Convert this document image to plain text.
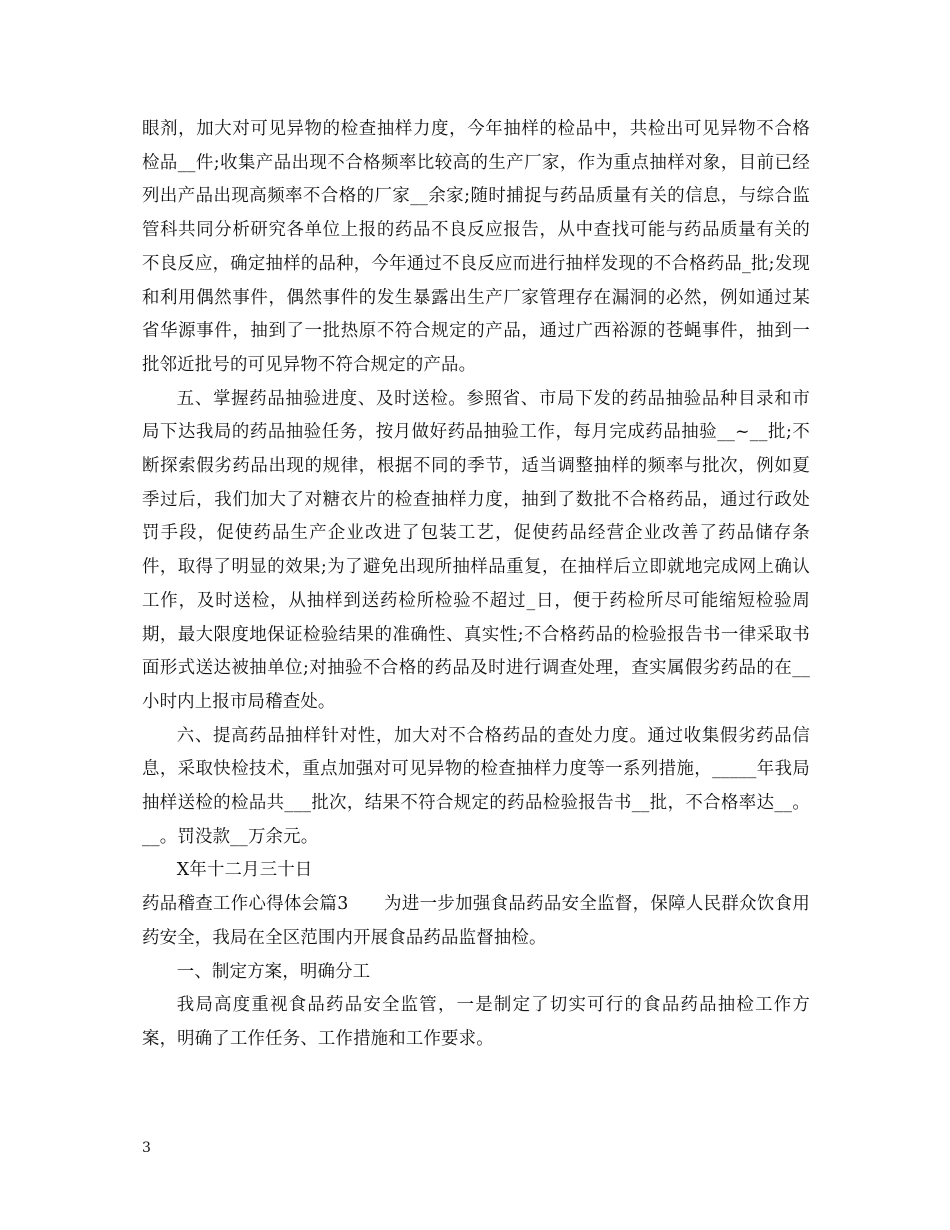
眼剂，加大对可见异物的检查抽样力度，今年抽样的检品中，共检出可见异物不合格检品__件;收集产品出现不合格频率比较高的生产厂家，作为重点抽样对象，目前已经列出产品出现高频率不合格的厂家__余家;随时捕捉与药品质量有关的信息，与综合监管科共同分析研究各单位上报的药品不良反应报告，从中查找可能与药品质量有关的不良反应，确定抽样的品种，今年通过不良反应而进行抽样发现的不合格药品_批;发现和利用偶然事件，偶然事件的发生暴露出生产厂家管理存在漏洞的必然，例如通过某省华源事件，抽到了一批热原不符合规定的产品，通过广西裕源的苍蝇事件，抽到一批邻近批号的可见异物不符合规定的产品。

五、掌握药品抽验进度、及时送检。参照省、市局下发的药品抽验品种目录和市局下达我局的药品抽验任务，按月做好药品抽验工作，每月完成药品抽验__~__批;不断探索假劣药品出现的规律，根据不同的季节，适当调整抽样的频率与批次，例如夏季过后，我们加大了对糖衣片的检查抽样力度，抽到了数批不合格药品，通过行政处罚手段，促使药品生产企业改进了包装工艺，促使药品经营企业改善了药品储存条件，取得了明显的效果;为了避免出现所抽样品重复，在抽样后立即就地完成网上确认工作，及时送检，从抽样到送药检所检验不超过_日，便于药检所尽可能缩短检验周期，最大限度地保证检验结果的准确性、真实性;不合格药品的检验报告书一律采取书面形式送达被抽单位;对抽验不合格的药品及时进行调查处理，查实属假劣药品的在__小时内上报市局稽查处。

六、提高药品抽样针对性，加大对不合格药品的查处力度。通过收集假劣药品信息，采取快检技术，重点加强对可见异物的检查抽样力度等一系列措施，_____年我局抽样送检的检品共___批次，结果不符合规定的药品检验报告书__批，不合格率达__。__。罚没款__万余元。

X年十二月三十日

药品稽查工作心得体会篇3　　为进一步加强食品药品安全监督，保障人民群众饮食用药安全，我局在全区范围内开展食品药品监督抽检。

一、制定方案，明确分工

我局高度重视食品药品安全监管，一是制定了切实可行的食品药品抽检工作方案，明确了工作任务、工作措施和工作要求。

3
